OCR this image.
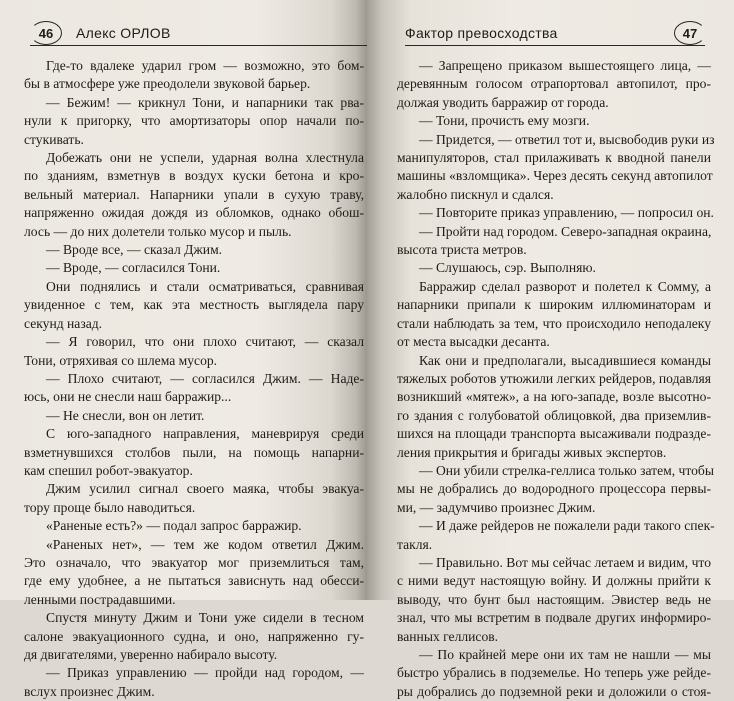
46	Алекс ОРЛОВ
Где-то вдалеке ударил гром — возможно, это бом-
бы в атмосфере уже преодолели звуковой барьер.
— Бежим! — крикнул Тони, и напарники так рва-
нули к пригорку, что амортизаторы опор начали по-
стукивать.
Добежать они не успели, ударная волна хлестнула
по зданиям, взметнув в воздух куски бетона и кро-
вельный материал. Напарники упали в сухую траву,
напряженно ожидая дождя из обломков, однако обош-
лось — до них долетели только мусор и пыль.
— Вроде все, — сказал Джим.
— Вроде, — согласился Тони.
Они поднялись и стали осматриваться, сравнивая
увиденное с тем, как эта местность выглядела пару
секунд назад.
— Я говорил, что они плохо считают, — сказал
Тони, отряхивая со шлема мусор.
— Плохо считают, — согласился Джим. — Наде-
юсь, они не снесли наш барражир...
— Не снесли, вон он летит.
С юго-западного направления, маневрируя среди
взметнувшихся столбов пыли, на помощь напарни-
кам спешил робот-эвакуатор.
Джим усилил сигнал своего маяка, чтобы эвакуа-
тору проще было наводиться.
«Раненые есть?» — подал запрос барражир.
«Раненых нет», — тем же кодом ответил Джим.
Это означало, что эвакуатор мог приземлиться там,
где ему удобнее, а не пытаться зависнуть над обесси-
ленными пострадавшими.
Спустя минуту Джим и Тони уже сидели в тесном
салоне эвакуационного судна, и оно, напряженно гу-
дя двигателями, уверенно набирало высоту.
— Приказ управлению — пройди над городом, —
вслух произнес Джим.
Фактор превосходства	47
— Запрещено приказом вышестоящего лица, —
деревянным голосом отрапортовал автопилот, про-
должая уводить барражир от города.
— Тони, прочисть ему мозги.
— Придется, — ответил тот и, высвободив руки из
манипуляторов, стал прилаживать к вводной панели
машины «взломщика». Через десять секунд автопилот
жалобно пискнул и сдался.
— Повторите приказ управлению, — попросил он.
— Пройти над городом. Северо-западная окраина,
высота триста метров.
— Слушаюсь, сэр. Выполняю.
Барражир сделал разворот и полетел к Сомму, а
напарники припали к широким иллюминаторам и
стали наблюдать за тем, что происходило неподалеку
от места высадки десанта.
Как они и предполагали, высадившиеся команды
тяжелых роботов утюжили легких рейдеров, подавляя
возникший «мятеж», а на юго-западе, возле высотно-
го здания с голубоватой облицовкой, два приземлив-
шихся на площади транспорта высаживали подразде-
ления прикрытия и бригады живых экспертов.
— Они убили стрелка-геллиса только затем, чтобы
мы не добрались до водородного процессора первы-
ми, — задумчиво произнес Джим.
— И даже рейдеров не пожалели ради такого спек-
такля.
— Правильно. Вот мы сейчас летаем и видим, что
с ними ведут настоящую войну. И должны прийти к
выводу, что бунт был настоящим. Эвистер ведь не
знал, что мы встретим в подвале других информиро-
ванных геллисов.
— По крайней мере они их там не нашли — мы
быстро убрались в подземелье. Но теперь уже рейде-
ры добрались до подземной реки и доложили о стоя-
